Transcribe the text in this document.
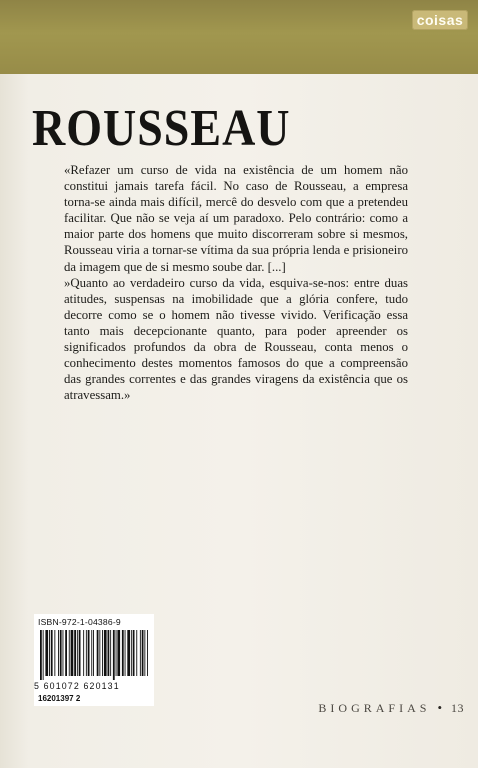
coisas
ROUSSEAU

«Refazer um curso de vida na existência de um homem não constitui jamais tarefa fácil. No caso de Rousseau, a empresa torna-se ainda mais difícil, mercê do desvelo com que a pretendeu facilitar. Que não se veja aí um paradoxo. Pelo contrário: como a maior parte dos homens que muito discorreram sobre si mesmos, Rousseau viria a tornar-se vítima da sua própria lenda e prisioneiro da imagem que de si mesmo soube dar. [...]

»Quanto ao verdadeiro curso da vida, esquiva-se-nos: entre duas atitudes, suspensas na imobilidade que a glória confere, tudo decorre como se o homem não tivesse vivido. Verificação essa tanto mais decepcionante quanto, para poder apreender os significados profundos da obra de Rousseau, conta menos o conhecimento destes momentos famosos do que a compreensão das grandes correntes e das grandes viragens da existência que os atravessam.»

ISBN-972-1-04386-9
5 601072 620131
16201397 2
BIOGRAFIAS • 13
